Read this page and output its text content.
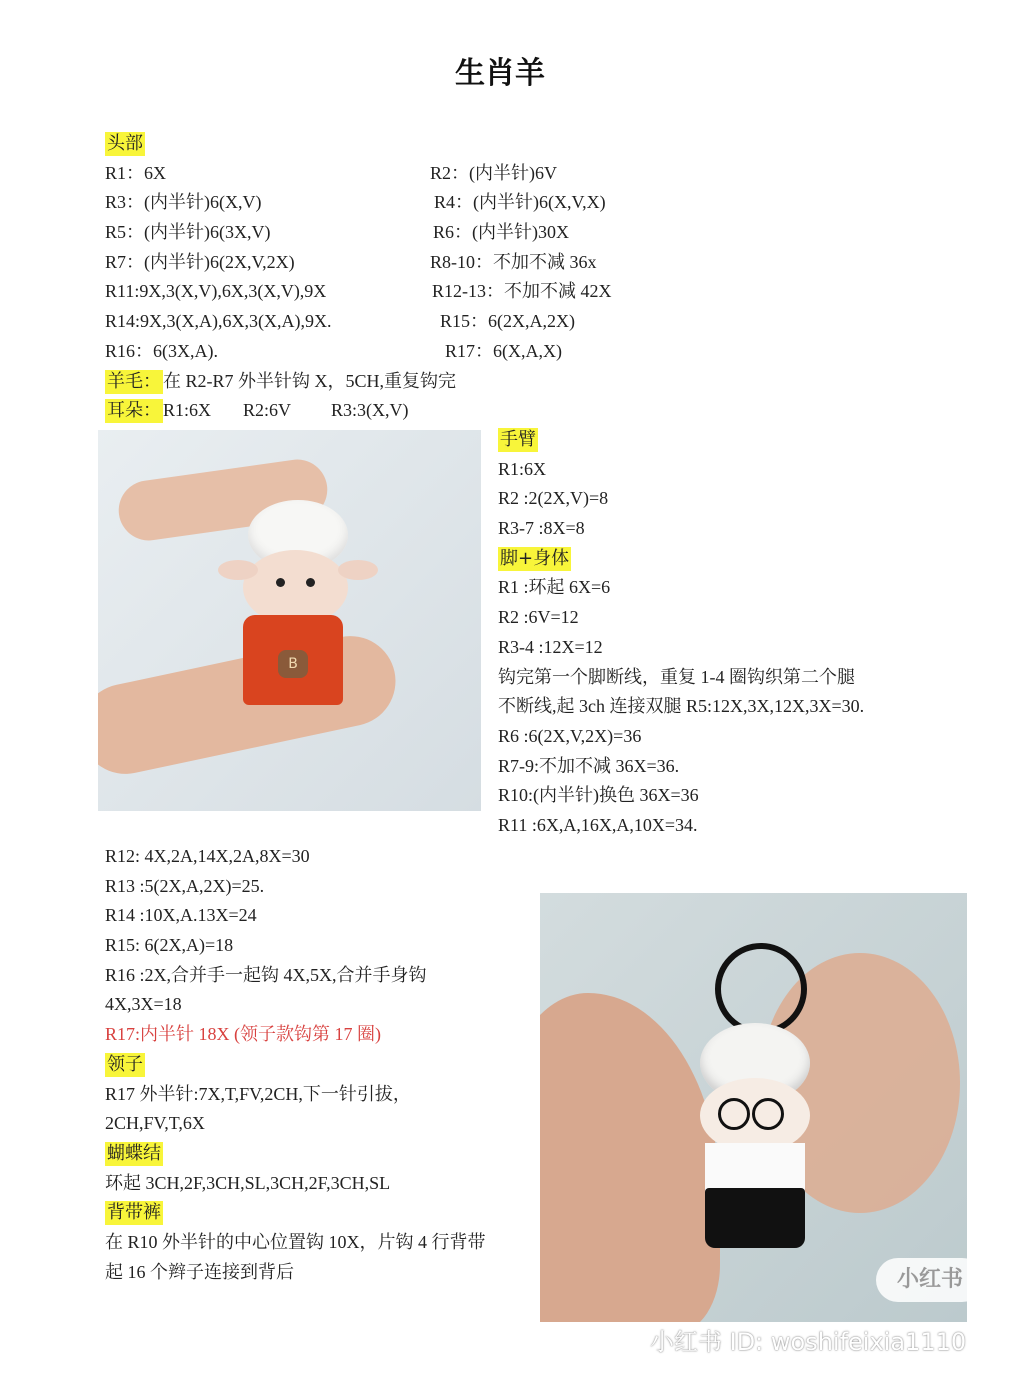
生肖羊
头部
R1：6X	R2：(内半针)6V
R3：(内半针)6(X,V)	R4：(内半针)6(X,V,X)
R5：(内半针)6(3X,V)	R6：(内半针)30X
R7：(内半针)6(2X,V,2X)	R8-10：不加不减 36x
R11:9X,3(X,V),6X,3(X,V),9X	R12-13：不加不减 42X
R14:9X,3(X,A),6X,3(X,A),9X.	R15：6(2X,A,2X)
R16：6(3X,A).	R17：6(X,A,X)
羊毛： 在 R2-R7 外半针钩 X，5CH,重复钩完
耳朵： R1:6X R2:6V R3:3(X,V)
B
手臂
R1:6X
R2 :2(2X,V)=8
R3-7 :8X=8
脚+身体
R1 :环起 6X=6
R2 :6V=12
R3-4 :12X=12
钩完第一个脚断线，重复 1-4 圈钩织第二个腿
不断线,起 3ch 连接双腿 R5:12X,3X,12X,3X=30.
R6 :6(2X,V,2X)=36
R7-9:不加不减 36X=36.
R10:(内半针)换色 36X=36
R11 :6X,A,16X,A,10X=34.
R12: 4X,2A,14X,2A,8X=30
R13 :5(2X,A,2X)=25.
R14 :10X,A.13X=24
R15: 6(2X,A)=18
R16 :2X,合并手一起钩 4X,5X,合并手身钩
4X,3X=18
R17:内半针 18X (领子款钩第 17 圈)
领子
R17 外半针:7X,T,FV,2CH,下一针引拔，
2CH,FV,T,6X
蝴蝶结
环起 3CH,2F,3CH,SL,3CH,2F,3CH,SL
背带裤
在 R10 外半针的中心位置钩 10X，片钩 4 行背带
起 16 个辫子连接到背后	小红书
小红书 ID: woshifeixia1110
